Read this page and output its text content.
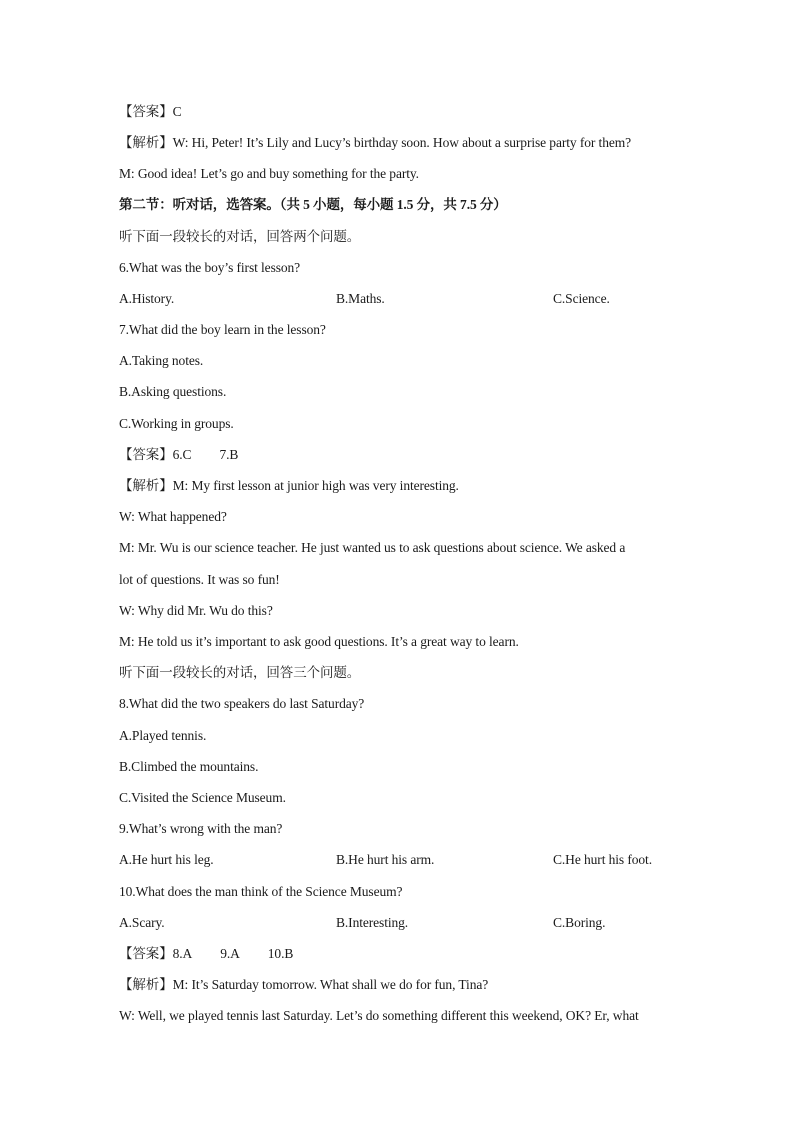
【答案】C
【解析】W: Hi, Peter! It’s Lily and Lucy’s birthday soon. How about a surprise party for them?
M: Good idea! Let’s go and buy something for the party.
第二节：听对话，选答案。（共 5 小题，每小题 1.5 分，共 7.5 分）
听下面一段较长的对话，回答两个问题。
6.What was the boy’s first lesson?
A.History.	B.Maths.	C.Science.
7.What did the boy learn in the lesson?
A.Taking notes.
B.Asking questions.
C.Working in groups.
【答案】6.C 7.B
【解析】M: My first lesson at junior high was very interesting.
W: What happened?
M: Mr. Wu is our science teacher. He just wanted us to ask questions about science. We asked a
lot of questions. It was so fun!
W: Why did Mr. Wu do this?
M: He told us it’s important to ask good questions. It’s a great way to learn.
听下面一段较长的对话，回答三个问题。
8.What did the two speakers do last Saturday?
A.Played tennis.
B.Climbed the mountains.
C.Visited the Science Museum.
9.What’s wrong with the man?
A.He hurt his leg.	B.He hurt his arm.	C.He hurt his foot.
10.What does the man think of the Science Museum?
A.Scary.	B.Interesting.	C.Boring.
【答案】8.A 9.A 10.B
【解析】M: It’s Saturday tomorrow. What shall we do for fun, Tina?
W: Well, we played tennis last Saturday. Let’s do something different this weekend, OK? Er, what
